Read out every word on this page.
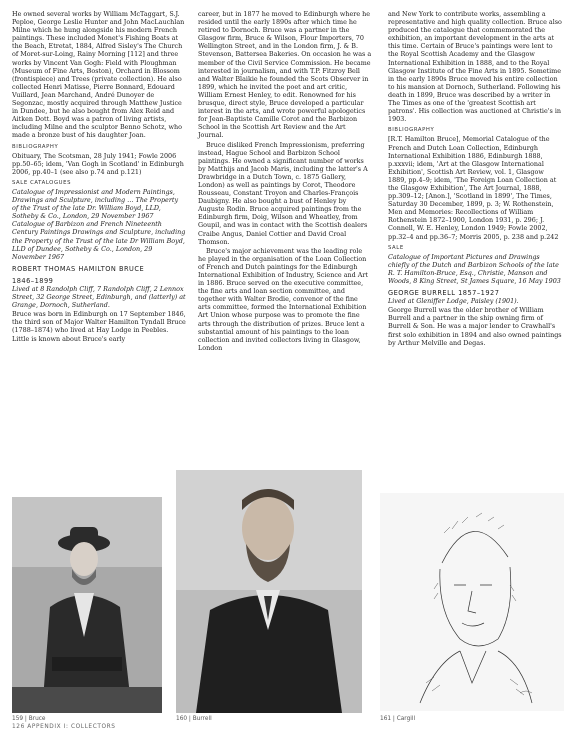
He owned several works by William McTaggart, S.J. Peploe, George Leslie Hunter and John MacLauchlan Milne which he hung alongside his modern French paintings. These included Monet's Fishing Boats at the Beach, Etretat, 1884, Alfred Sisley's The Church of Moret-sur-Loing, Rainy Morning [112] and three works by Vincent Van Gogh: Field with Ploughman (Museum of Fine Arts, Boston), Orchard in Blossom (frontispiece) and Trees (private collection). He also collected Henri Matisse, Pierre Bonnard, Edouard Vuillard, Jean Marchand, André Dunoyer de Segonzac, mostly acquired through Matthew Justice in Dundee, but he also bought from Alex Reid and Aitken Dott. Boyd was a patron of living artists, including Milne and the sculptor Benno Schotz, who made a bronze bust of his daughter Joan.

BIBLIOGRAPHY

Obituary, The Scotsman, 28 July 1941; Fowle 2006 pp.50–65; idem, 'Van Gogh in Scotland' in Edinburgh 2006, pp.40–1 (see also p.74 and p.121)

SALE CATALOGUES

Catalogue of Impressionist and Modern Paintings, Drawings and Sculpture, including … The Property of the Trust of the late Dr. William Boyd, LLD, Sotheby & Co., London, 29 November 1967 Catalogue of Barbizon and French Nineteenth Century Paintings Drawings and Sculpture, including the Property of the Trust of the late Dr William Boyd, LLD of Dundee, Sotheby & Co., London, 29 November 1967

ROBERT THOMAS HAMILTON BRUCE
1846–1899

Lived at 8 Randolph Cliff, 7 Randolph Cliff, 2 Lennox Street, 32 George Street, Edinburgh, and (latterly) at Grange, Dornoch, Sutherland.

Bruce was born in Edinburgh on 17 September 1846, the third son of Major Walter Hamilton Tyndall Bruce (1788–1874) who lived at Hay Lodge in Peebles. Little is known about Bruce's early

career, but in 1877 he moved to Edinburgh where he resided until the early 1890s after which time he retired to Dornoch. Bruce was a partner in the Glasgow firm, Bruce & Wilson, Flour Importers, 70 Wellington Street, and in the London firm, J. & B. Stevenson, Battersea Bakeries. On occasion he was a member of the Civil Service Commission. He became interested in journalism, and with T.P. Fitzroy Bell and Walter Blaikie he founded the Scots Observer in 1899, which he invited the poet and art critic, William Ernest Henley, to edit. Renowned for his brusque, direct style, Bruce developed a particular interest in the arts, and wrote powerful apologetics for Jean-Baptiste Camille Corot and the Barbizon School in the Scottish Art Review and the Art Journal.

Bruce disliked French Impressionism, preferring instead, Hague School and Barbizon School paintings. He owned a significant number of works by Matthijs and Jacob Maris, including the latter's A Drawbridge in a Dutch Town, c. 1875 Gallery, London) as well as paintings by Corot, Theodore Rousseau, Constant Troyon and Charles-François Daubigny. He also bought a bust of Henley by Auguste Rodin. Bruce acquired paintings from the Edinburgh firm, Doig, Wilson and Wheatley, from Goupil, and was in contact with the Scottish dealers Craibe Angus, Daniel Cottier and David Croal Thomson.

Bruce's major achievement was the leading role he played in the organisation of the Loan Collection of French and Dutch paintings for the Edinburgh International Exhibition of Industry, Science and Art in 1886. Bruce served on the executive committee, the fine arts and loan section committee, and together with Walter Brodie, convenor of the fine arts committee, formed the International Exhibition Art Union whose purpose was to promote the fine arts through the distribution of prizes. Bruce lent a substantial amount of his paintings to the loan collection and invited collectors living in Glasgow, London

and New York to contribute works, assembling a representative and high quality collection. Bruce also produced the catalogue that commemorated the exhibition, an important development in the arts at this time. Certain of Bruce's paintings were lent to the Royal Scottish Academy and the Glasgow International Exhibition in 1888, and to the Royal Glasgow Institute of the Fine Arts in 1895. Sometime in the early 1890s Bruce moved his entire collection to his mansion at Dornoch, Sutherland. Following his death in 1899, Bruce was described by a writer in The Times as one of the 'greatest Scottish art patrons'. His collection was auctioned at Christie's in 1903.

BIBLIOGRAPHY

[R.T. Hamilton Bruce], Memorial Catalogue of the French and Dutch Loan Collection, Edinburgh International Exhibition 1886, Edinburgh 1888, p.xxxvii; idem, 'Art at the Glasgow International Exhibition', Scottish Art Review, vol. 1, Glasgow 1889, pp.4–9; idem, 'The Foreign Loan Collection at the Glasgow Exhibition', The Art Journal, 1888, pp.309–12; [Anon.], 'Scotland in 1899', The Times, Saturday 30 December, 1899, p. 3; W. Rothenstein, Men and Memories: Recollections of William Rothenstein 1872–1900, London 1931, p. 296; J. Connell, W. E. Henley, London 1949; Fowle 2002, pp.32–4 and pp.36–7; Morris 2005, p. 238 and p.242

SALE

Catalogue of Important Pictures and Drawings chiefly of the Dutch and Barbizon Schools of the late R. T. Hamilton-Bruce, Esq., Christie, Manson and Woods, 8 King Street, St James Square, 16 May 1903

GEORGE BURRELL 1857–1927

Lived at Gleniffer Lodge, Paisley (1901).

George Burrell was the older brother of William Burrell and a partner in the ship owning firm of Burrell & Son. He was a major lender to Crawhall's first solo exhibition in 1894 and also owned paintings by Arthur Melville and Degas.

159 | Bruce	160 | Burrell	161 | Cargill
126 APPENDIX I: COLLECTORS
